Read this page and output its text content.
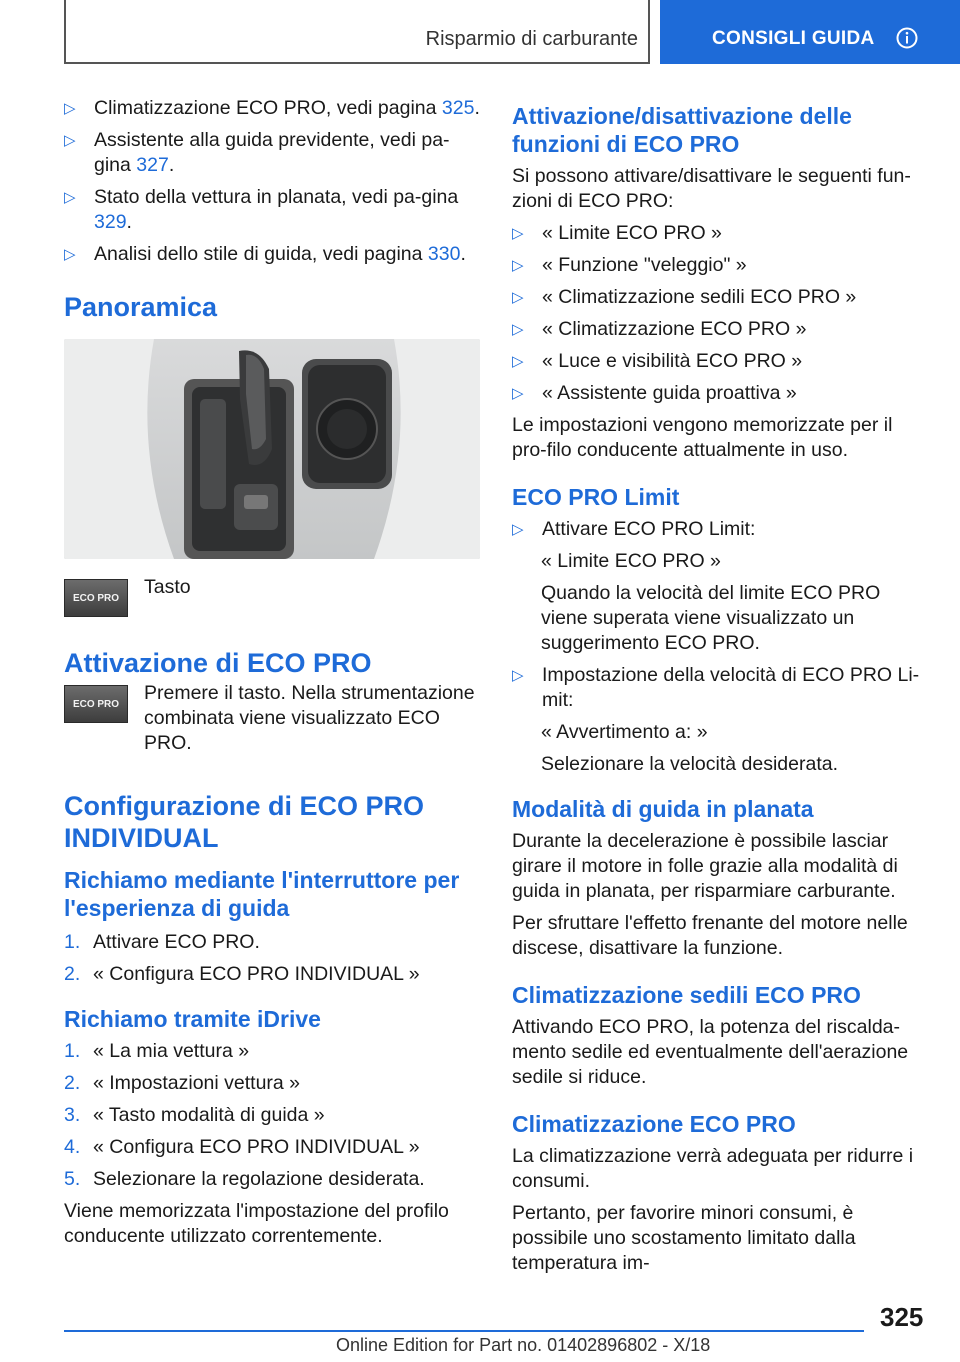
Risparmio di carburante	CONSIGLI GUIDA
▷ Climatizzazione ECO PRO, vedi pagina 325.
▷ Assistente alla guida previdente, vedi pa-gina 327.
▷ Stato della vettura in planata, vedi pa-gina 329.
▷ Analisi dello stile di guida, vedi pagina 330.
Panoramica
ECO PRO	Tasto
Attivazione di ECO PRO
ECO PRO	Premere il tasto. Nella strumentazione combinata viene visualizzato ECO PRO.
Configurazione di ECO PRO INDIVIDUAL
Richiamo mediante l'interruttore per l'esperienza di guida
1. Attivare ECO PRO.
2. « Configura ECO PRO INDIVIDUAL »
Richiamo tramite iDrive
1. « La mia vettura »
2. « Impostazioni vettura »
3. « Tasto modalità di guida »
4. « Configura ECO PRO INDIVIDUAL »
5. Selezionare la regolazione desiderata.

Viene memorizzata l'impostazione del profilo conducente utilizzato correntemente.

Attivazione/disattivazione delle funzioni di ECO PRO

Si possono attivare/disattivare le seguenti fun-zioni di ECO PRO:

▷ « Limite ECO PRO »
▷ « Funzione "veleggio" »
▷ « Climatizzazione sedili ECO PRO »
▷ « Climatizzazione ECO PRO »
▷ « Luce e visibilità ECO PRO »
▷ « Assistente guida proattiva »

Le impostazioni vengono memorizzate per il pro-filo conducente attualmente in uso.

ECO PRO Limit
▷ Attivare ECO PRO Limit:
« Limite ECO PRO »
Quando la velocità del limite ECO PRO viene superata viene visualizzato un suggerimento ECO PRO.
▷ Impostazione della velocità di ECO PRO Li-mit:
« Avvertimento a: »
Selezionare la velocità desiderata.
Modalità di guida in planata

Durante la decelerazione è possibile lasciar girare il motore in folle grazie alla modalità di guida in planata, per risparmiare carburante.

Per sfruttare l'effetto frenante del motore nelle discese, disattivare la funzione.

Climatizzazione sedili ECO PRO

Attivando ECO PRO, la potenza del riscalda-mento sedile ed eventualmente dell'aerazione sedile si riduce.

Climatizzazione ECO PRO

La climatizzazione verrà adeguata per ridurre i consumi.

Pertanto, per favorire minori consumi, è possibile uno scostamento limitato dalla temperatura im-

325
Online Edition for Part no. 01402896802 - X/18
